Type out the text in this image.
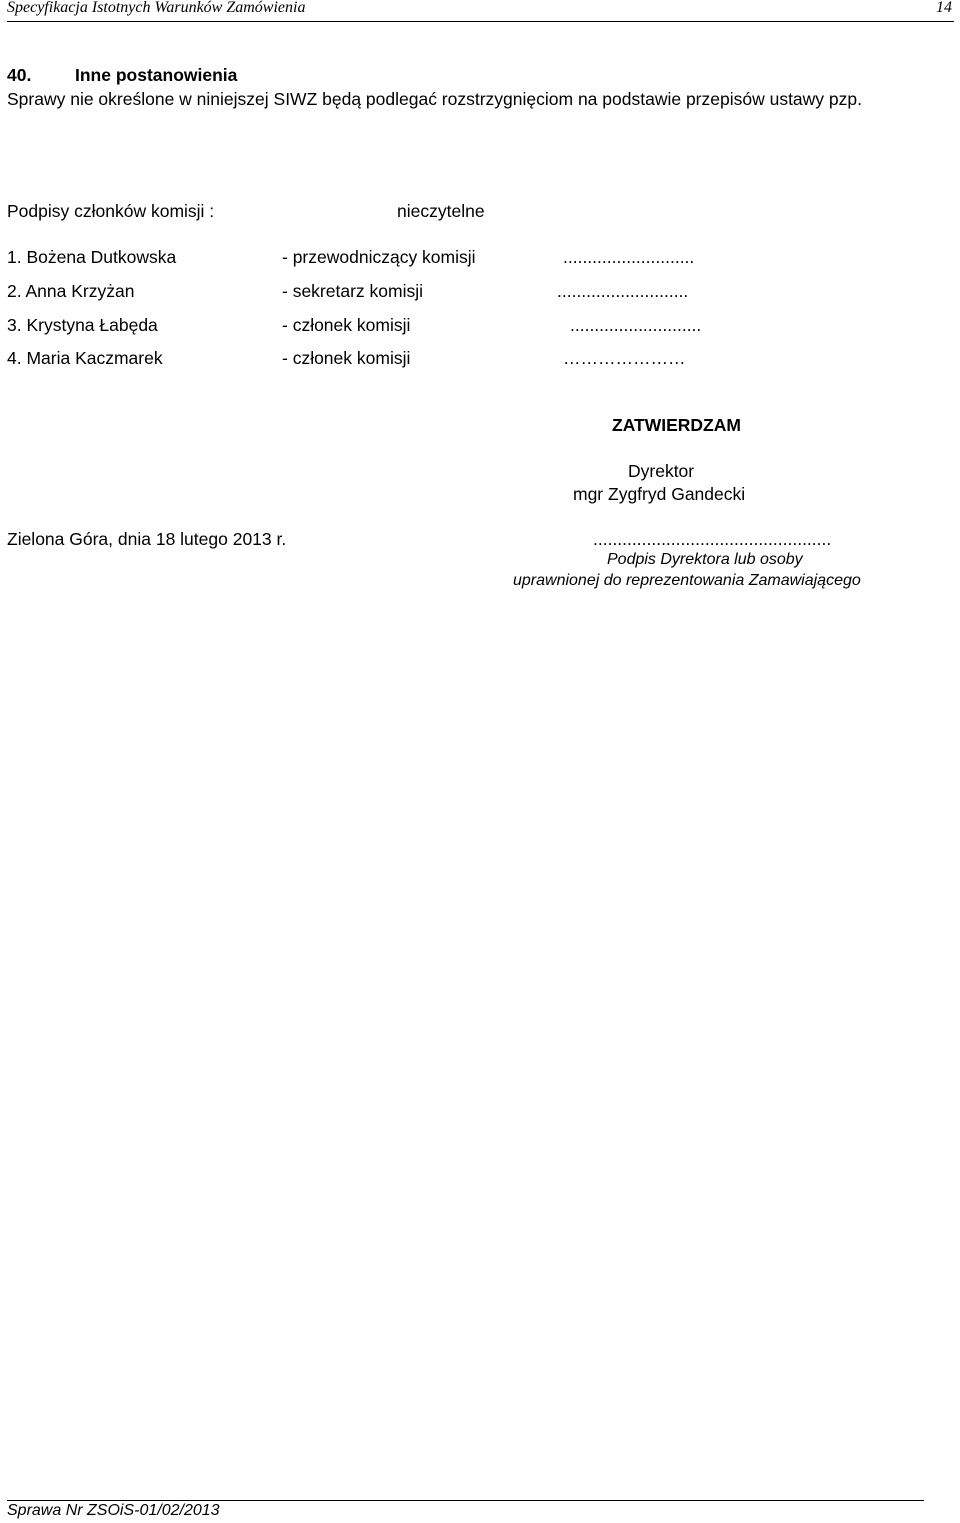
Specyfikacja Istotnych Warunków Zamówienia	14
40. Inne postanowienia
Sprawy nie określone w niniejszej SIWZ będą podlegać rozstrzygnięciom na podstawie przepisów ustawy pzp.
Podpisy członków komisji :	nieczytelne
1. Bożena Dutkowska	- przewodniczący komisji	...........................
2. Anna Krzyżan	- sekretarz komisji	...........................
3. Krystyna Łabęda	- członek komisji	...........................
4. Maria Kaczmarek	- członek komisji	…………………
ZATWIERDZAM
Dyrektor
mgr Zygfryd Gandecki
Zielona Góra, dnia 18 lutego 2013 r.	.................................................
Podpis Dyrektora lub osoby
uprawnionej do reprezentowania Zamawiającego
Sprawa Nr ZSOiS-01/02/2013
